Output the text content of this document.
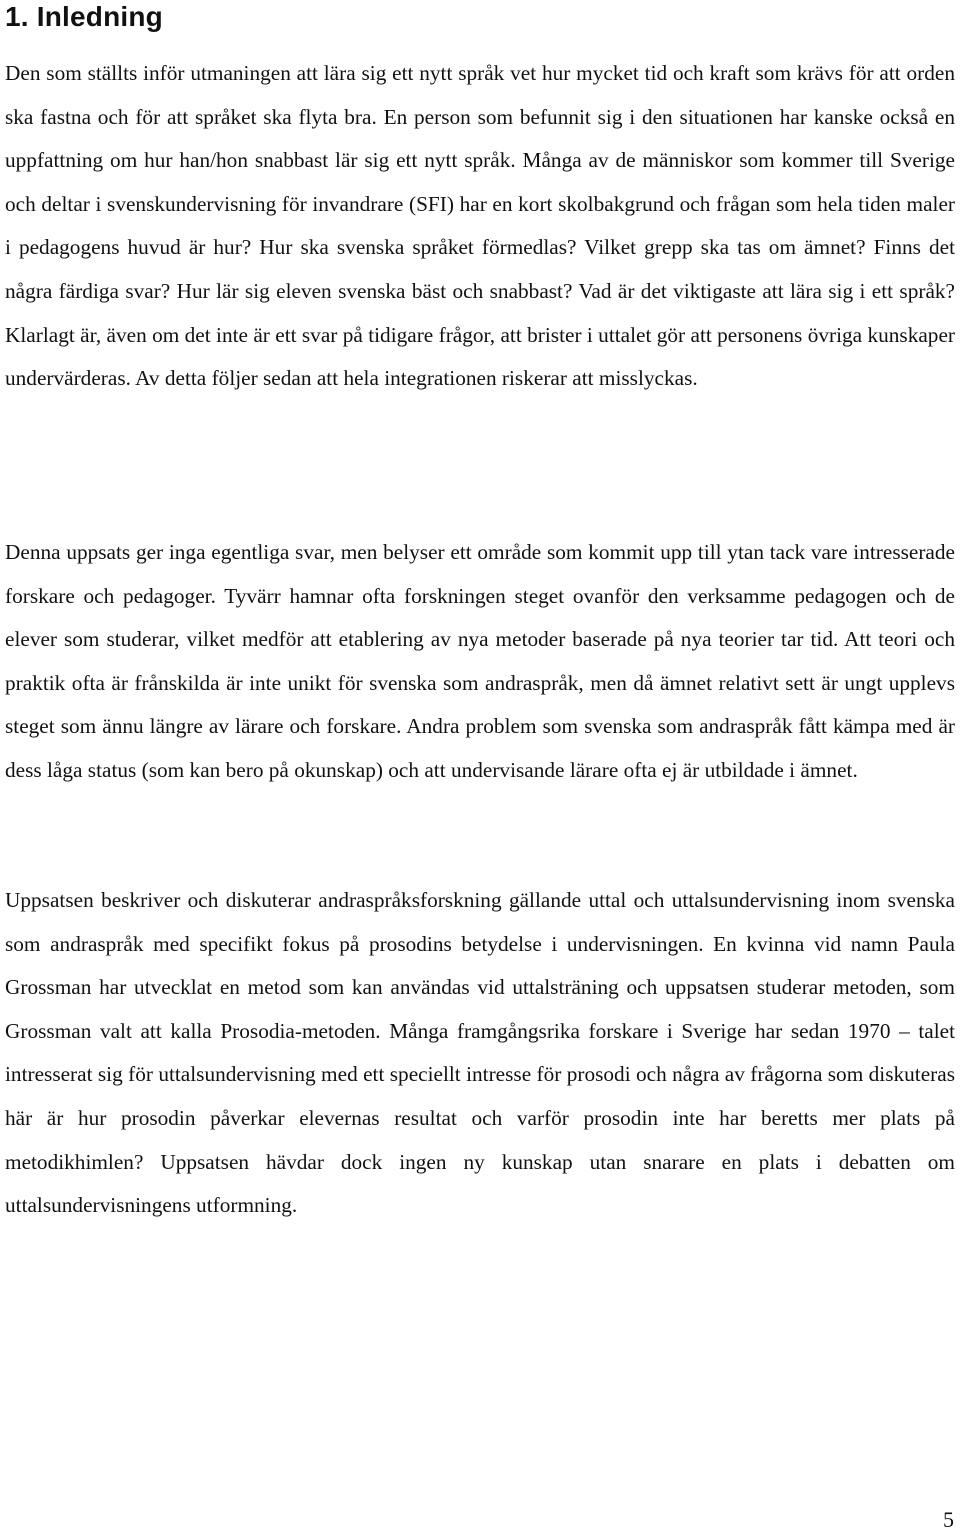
1. Inledning

Den som ställts inför utmaningen att lära sig ett nytt språk vet hur mycket tid och kraft som krävs för att orden ska fastna och för att språket ska flyta bra. En person som befunnit sig i den situationen har kanske också en uppfattning om hur han/hon snabbast lär sig ett nytt språk. Många av de människor som kommer till Sverige och deltar i svenskundervisning för invandrare (SFI) har en kort skolbakgrund och frågan som hela tiden maler i pedagogens huvud är hur? Hur ska svenska språket förmedlas? Vilket grepp ska tas om ämnet? Finns det några färdiga svar? Hur lär sig eleven svenska bäst och snabbast? Vad är det viktigaste att lära sig i ett språk? Klarlagt är, även om det inte är ett svar på tidigare frågor, att brister i uttalet gör att personens övriga kunskaper undervärderas. Av detta följer sedan att hela integrationen riskerar att misslyckas.

Denna uppsats ger inga egentliga svar, men belyser ett område som kommit upp till ytan tack vare intresserade forskare och pedagoger. Tyvärr hamnar ofta forskningen steget ovanför den verksamme pedagogen och de elever som studerar, vilket medför att etablering av nya metoder baserade på nya teorier tar tid. Att teori och praktik ofta är frånskilda är inte unikt för svenska som andraspråk, men då ämnet relativt sett är ungt upplevs steget som ännu längre av lärare och forskare. Andra problem som svenska som andraspråk fått kämpa med är dess låga status (som kan bero på okunskap) och att undervisande lärare ofta ej är utbildade i ämnet.

Uppsatsen beskriver och diskuterar andraspråksforskning gällande uttal och uttalsundervisning inom svenska som andraspråk med specifikt fokus på prosodins betydelse i undervisningen. En kvinna vid namn Paula Grossman har utvecklat en metod som kan användas vid uttalsträning och uppsatsen studerar metoden, som Grossman valt att kalla Prosodia-metoden. Många framgångsrika forskare i Sverige har sedan 1970 – talet intresserat sig för uttalsundervisning med ett speciellt intresse för prosodi och några av frågorna som diskuteras här är hur prosodin påverkar elevernas resultat och varför prosodin inte har beretts mer plats på metodikhimlen? Uppsatsen hävdar dock ingen ny kunskap utan snarare en plats i debatten om uttalsundervisningens utformning.

5
